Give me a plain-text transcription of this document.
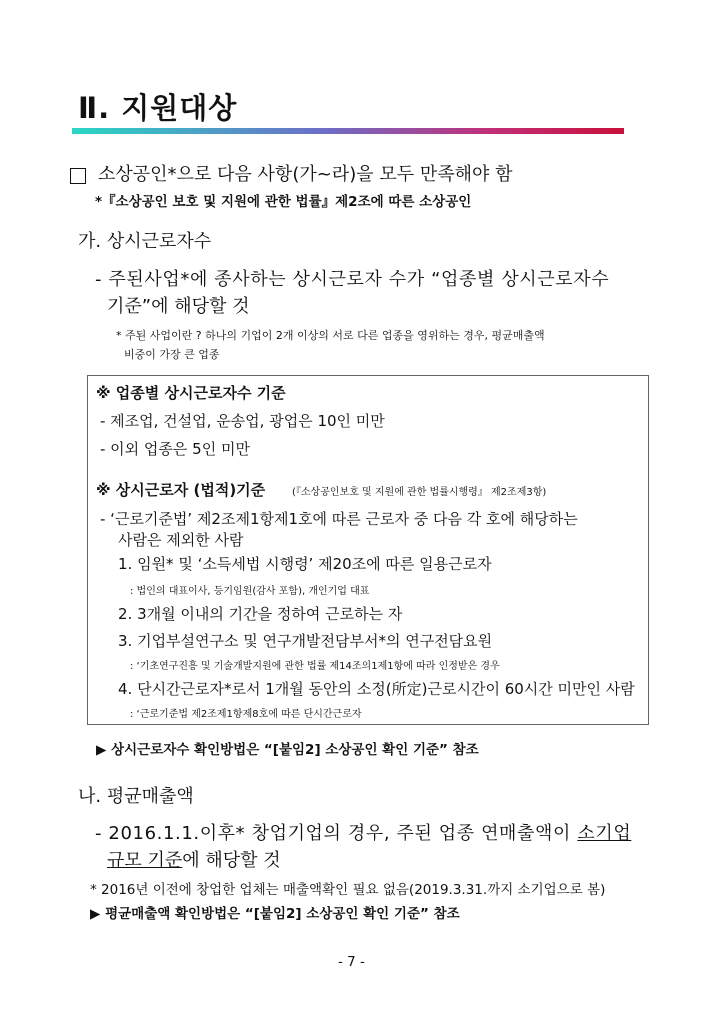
Ⅱ. 지원대상
소상공인*으로 다음 사항(가~라)을 모두 만족해야 함
*『소상공인 보호 및 지원에 관한 법률』제2조에 따른 소상공인
가. 상시근로자수
- 주된사업*에 종사하는 상시근로자 수가 “업종별 상시근로자수
기준”에 해당할 것
* 주된 사업이란 ? 하나의 기업이 2개 이상의 서로 다른 업종을 영위하는 경우, 평균매출액
비중이 가장 큰 업종
※ 업종별 상시근로자수 기준
- 제조업, 건설업, 운송업, 광업은 10인 미만
- 이외 업종은 5인 미만
※ 상시근로자 (법적)기준	(『소상공인보호 및 지원에 관한 법률시행령』 제2조제3항)
- ‘근로기준법’ 제2조제1항제1호에 따른 근로자 중 다음 각 호에 해당하는
사람은 제외한 사람
1. 임원* 및 ‘소득세법 시행령’ 제20조에 따른 일용근로자
: 법인의 대표이사, 등기임원(감사 포함), 개인기업 대표
2. 3개월 이내의 기간을 정하여 근로하는 자
3. 기업부설연구소 및 연구개발전담부서*의 연구전담요원
: ‘기초연구진흥 및 기술개발지원에 관한 법률 제14조의1제1항에 따라 인정받은 경우
4. 단시간근로자*로서 1개월 동안의 소정(所定)근로시간이 60시간 미만인 사람
: ‘근로기준법 제2조제1항제8호에 따른 단시간근로자
▶ 상시근로자수 확인방법은 “[붙임2] 소상공인 확인 기준” 참조
나. 평균매출액
- 2016.1.1.이후* 창업기업의 경우, 주된 업종 연매출액이 소기업
규모 기준에 해당할 것
* 2016년 이전에 창업한 업체는 매출액확인 필요 없음(2019.3.31.까지 소기업으로 봄)
▶ 평균매출액 확인방법은 “[붙임2] 소상공인 확인 기준” 참조
- 7 -
